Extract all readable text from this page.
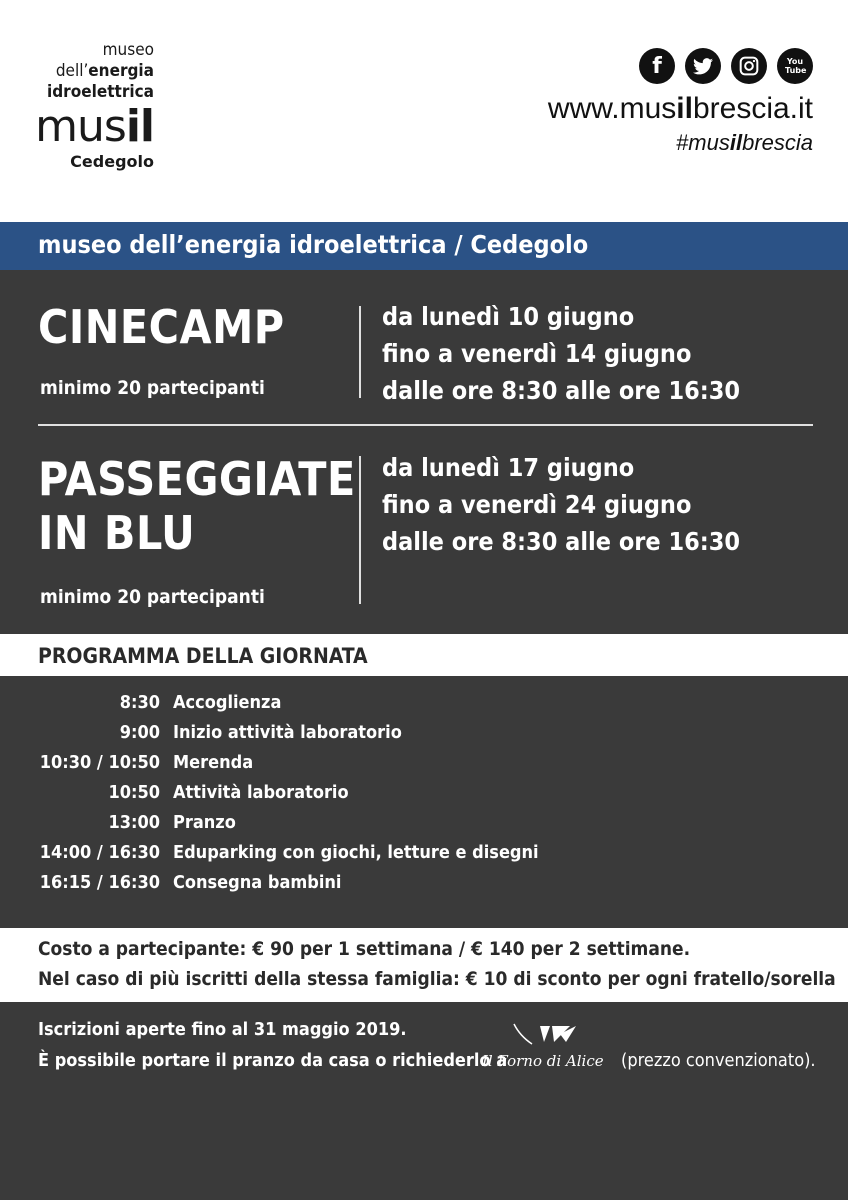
museo
dell’energia
idroelettrica
musil
Cedegolo
f	You Tube
www.musilbrescia.it
#musilbrescia
museo dell’energia idroelettrica / Cedegolo
CINECAMP
minimo 20 partecipanti
da lunedì 10 giugno
fino a venerdì 14 giugno
dalle ore 8:30 alle ore 16:30
PASSEGGIATE
IN BLU
minimo 20 partecipanti
da lunedì 17 giugno
fino a venerdì 24 giugno
dalle ore 8:30 alle ore 16:30
PROGRAMMA DELLA GIORNATA
8:30 Accoglienza
9:00 Inizio attività laboratorio
10:30 / 10:50 Merenda
10:50 Attività laboratorio
13:00 Pranzo
14:00 / 16:30 Eduparking con giochi, letture e disegni
16:15 / 16:30 Consegna bambini
Costo a partecipante: € 90 per 1 settimana / € 140 per 2 settimane.
Nel caso di più iscritti della stessa famiglia: € 10 di sconto per ogni fratello/sorella
Iscrizioni aperte fino al 31 maggio 2019.
È possibile portare il pranzo da casa o richiederlo a
Il Forno di Alice (prezzo convenzionato).
